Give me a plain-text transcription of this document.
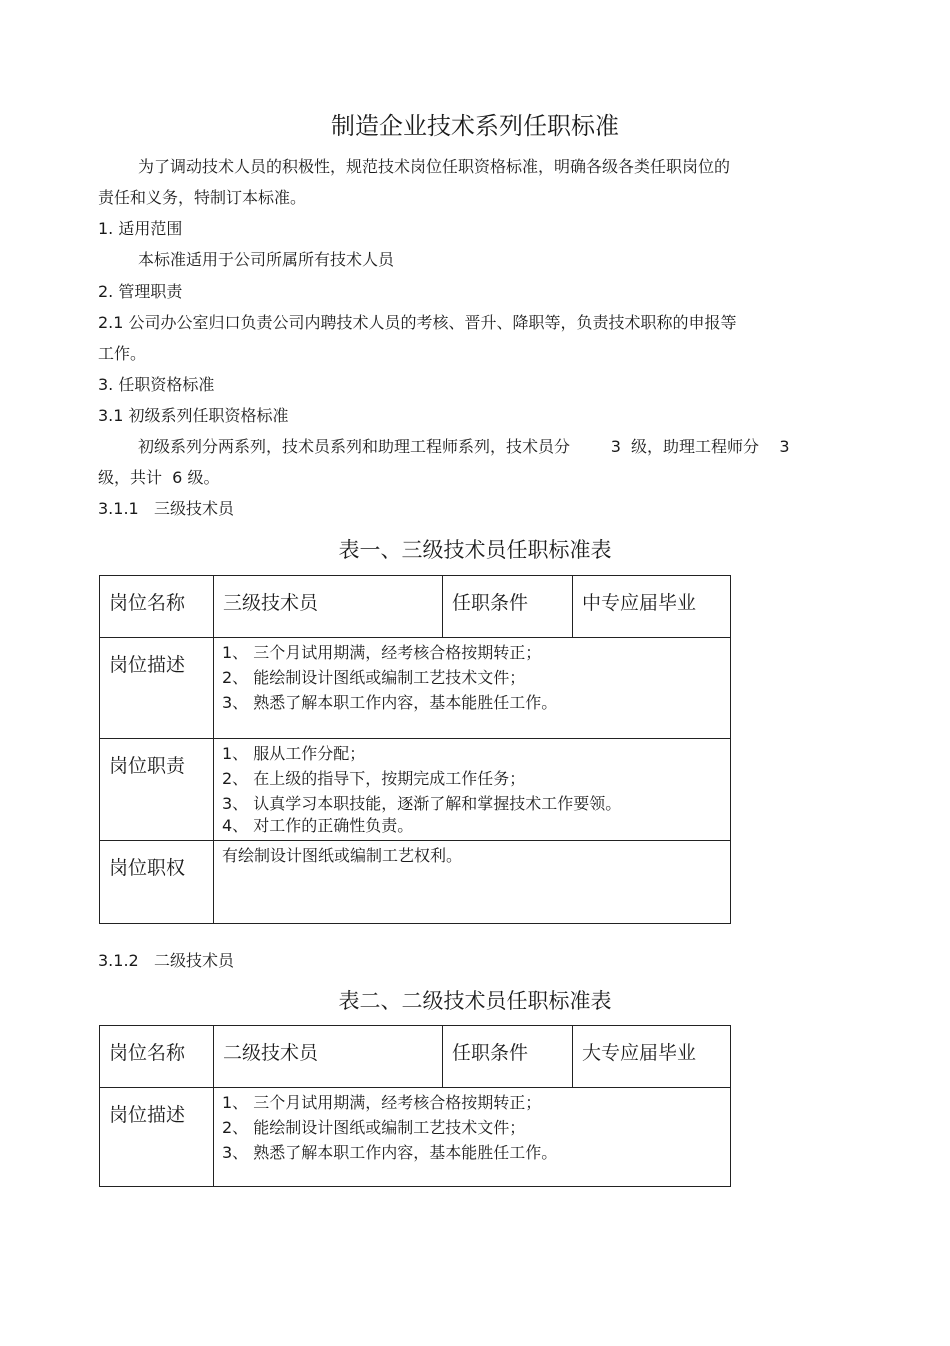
制造企业技术系列任职标准
为了调动技术人员的积极性，规范技术岗位任职资格标准，明确各级各类任职岗位的
责任和义务，特制订本标准。
1. 适用范围
本标准适用于公司所属所有技术人员
2. 管理职责
2.1 公司办公室归口负责公司内聘技术人员的考核、晋升、降职等，负责技术职称的申报等
工作。
3. 任职资格标准
3.1 初级系列任职资格标准
初级系列分两系列，技术员系列和助理工程师系列，技术员分        3  级，助理工程师分    3
级，共计  6 级。
3.1.1   三级技术员
表一、三级技术员任职标准表
岗位名称	三级技术员	任职条件	中专应届毕业
岗位描述	1、 三个月试用期满，经考核合格按期转正；
2、 能绘制设计图纸或编制工艺技术文件；
3、 熟悉了解本职工作内容，基本能胜任工作。		

岗位职责	1、 服从工作分配；
2、 在上级的指导下，按期完成工作任务；
3、 认真学习本职技能，逐渐了解和掌握技术工作要领。
4、 对工作的正确性负责。		

岗位职权	有绘制设计图纸或编制工艺权利。		
3.1.2   二级技术员
表二、二级技术员任职标准表
岗位名称	二级技术员	任职条件	大专应届毕业
岗位描述	1、 三个月试用期满，经考核合格按期转正；
2、 能绘制设计图纸或编制工艺技术文件；
3、 熟悉了解本职工作内容，基本能胜任工作。		
